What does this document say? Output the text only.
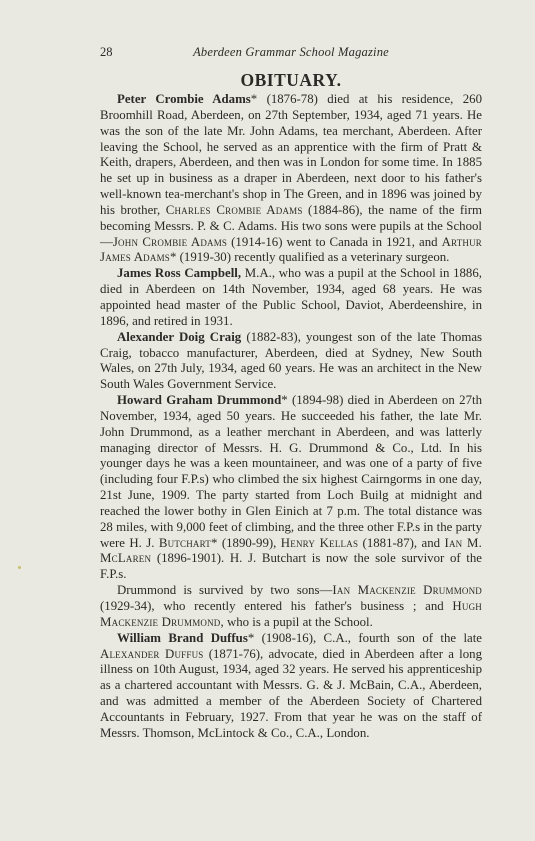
28	Aberdeen Grammar School Magazine
OBITUARY.

Peter Crombie Adams* (1876-78) died at his residence, 260 Broomhill Road, Aberdeen, on 27th September, 1934, aged 71 years. He was the son of the late Mr. John Adams, tea merchant, Aberdeen. After leaving the School, he served as an apprentice with the firm of Pratt & Keith, drapers, Aberdeen, and then was in London for some time. In 1885 he set up in business as a draper in Aberdeen, next door to his father's well-known tea-merchant's shop in The Green, and in 1896 was joined by his brother, Charles Crombie Adams (1884-86), the name of the firm becoming Messrs. P. & C. Adams. His two sons were pupils at the School—John Crombie Adams (1914-16) went to Canada in 1921, and Arthur James Adams* (1919-30) recently qualified as a veterinary surgeon.

James Ross Campbell, M.A., who was a pupil at the School in 1886, died in Aberdeen on 14th November, 1934, aged 68 years. He was appointed head master of the Public School, Daviot, Aberdeenshire, in 1896, and retired in 1931.

Alexander Doig Craig (1882-83), youngest son of the late Thomas Craig, tobacco manufacturer, Aberdeen, died at Sydney, New South Wales, on 27th July, 1934, aged 60 years. He was an architect in the New South Wales Government Service.

Howard Graham Drummond* (1894-98) died in Aberdeen on 27th November, 1934, aged 50 years. He succeeded his father, the late Mr. John Drummond, as a leather merchant in Aberdeen, and was latterly managing director of Messrs. H. G. Drummond & Co., Ltd. In his younger days he was a keen mountaineer, and was one of a party of five (including four F.P.s) who climbed the six highest Cairngorms in one day, 21st June, 1909. The party started from Loch Builg at midnight and reached the lower bothy in Glen Einich at 7 p.m. The total distance was 28 miles, with 9,000 feet of climbing, and the three other F.P.s in the party were H. J. Butchart* (1890-99), Henry Kellas (1881-87), and Ian M. McLaren (1896-1901). H. J. Butchart is now the sole survivor of the F.P.s.

Drummond is survived by two sons—Ian Mackenzie Drummond (1929-34), who recently entered his father's business ; and Hugh Mackenzie Drummond, who is a pupil at the School.

William Brand Duffus* (1908-16), C.A., fourth son of the late Alexander Duffus (1871-76), advocate, died in Aberdeen after a long illness on 10th August, 1934, aged 32 years. He served his apprenticeship as a chartered accountant with Messrs. G. & J. McBain, C.A., Aberdeen, and was admitted a member of the Aberdeen Society of Chartered Accountants in February, 1927. From that year he was on the staff of Messrs. Thomson, McLintock & Co., C.A., London.
